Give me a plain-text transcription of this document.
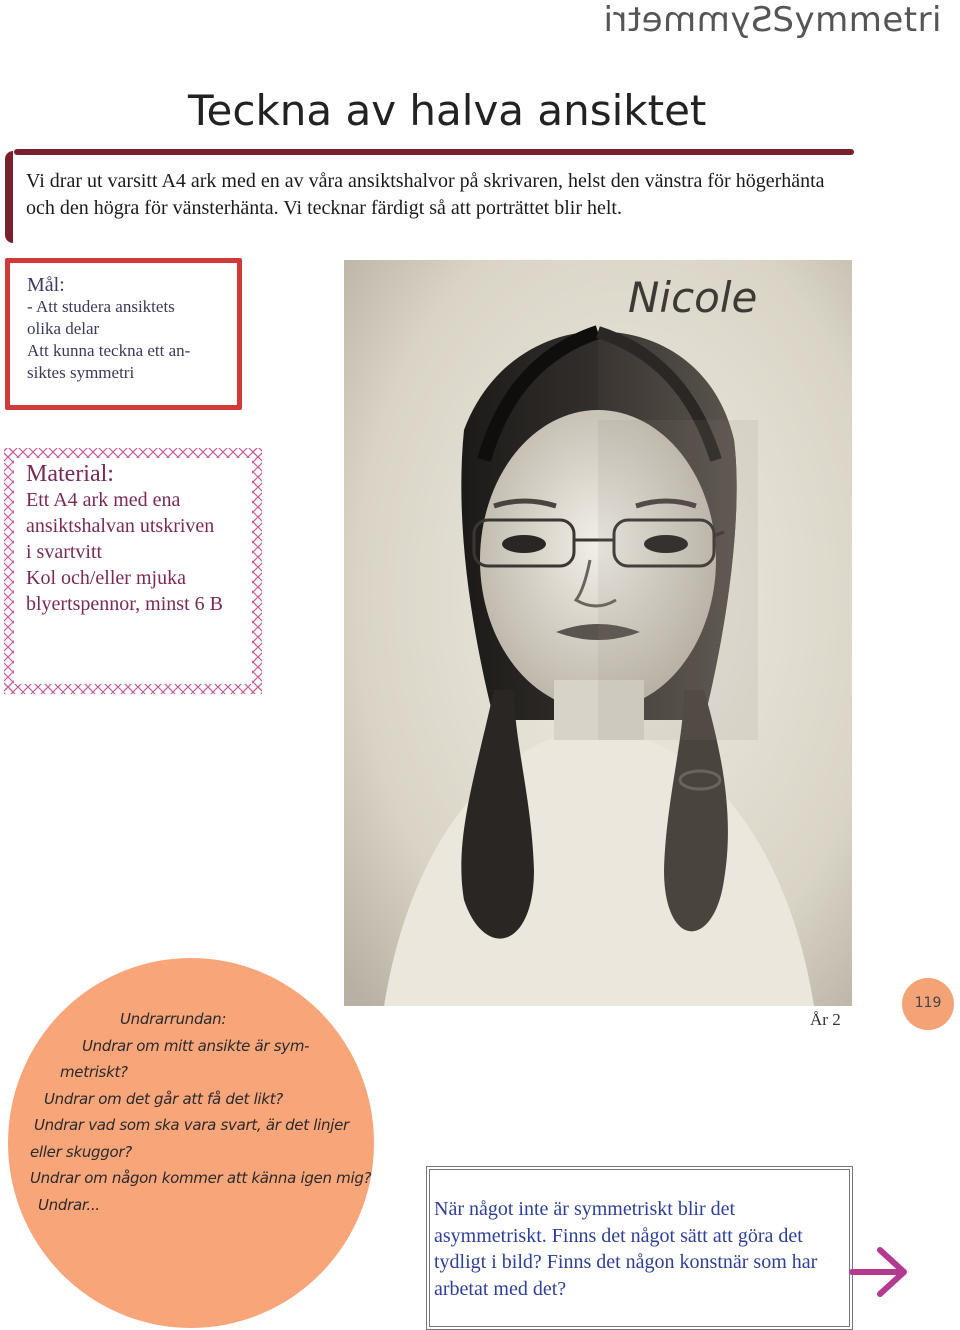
SymmetriSymmetri
Teckna av halva ansiktet
Vi drar ut varsitt A4 ark med en av våra ansiktshalvor på skrivaren, helst den vänstra för högerhänta och den högra för vänsterhänta. Vi tecknar färdigt så att porträttet blir helt.
Mål:
- Att studera ansiktets
olika delar
Att kunna teckna ett an-
siktes symmetri
Material:
Ett A4 ark med ena
ansiktshalvan utskriven
i svartvitt
Kol och/eller mjuka
blyertspennor, minst 6 B
Nicole
119
År 2
Undrarrundan:
Undrar om mitt ansikte är sym-
metriskt?
Undrar om det går att få det likt?
Undrar vad som ska vara svart, är det linjer
eller skuggor?
Undrar om någon kommer att känna igen mig?
Undrar...	När något inte är symmetriskt blir det asymmetriskt. Finns det något sätt att göra det tydligt i bild? Finns det någon konstnär som har arbetat med det?
